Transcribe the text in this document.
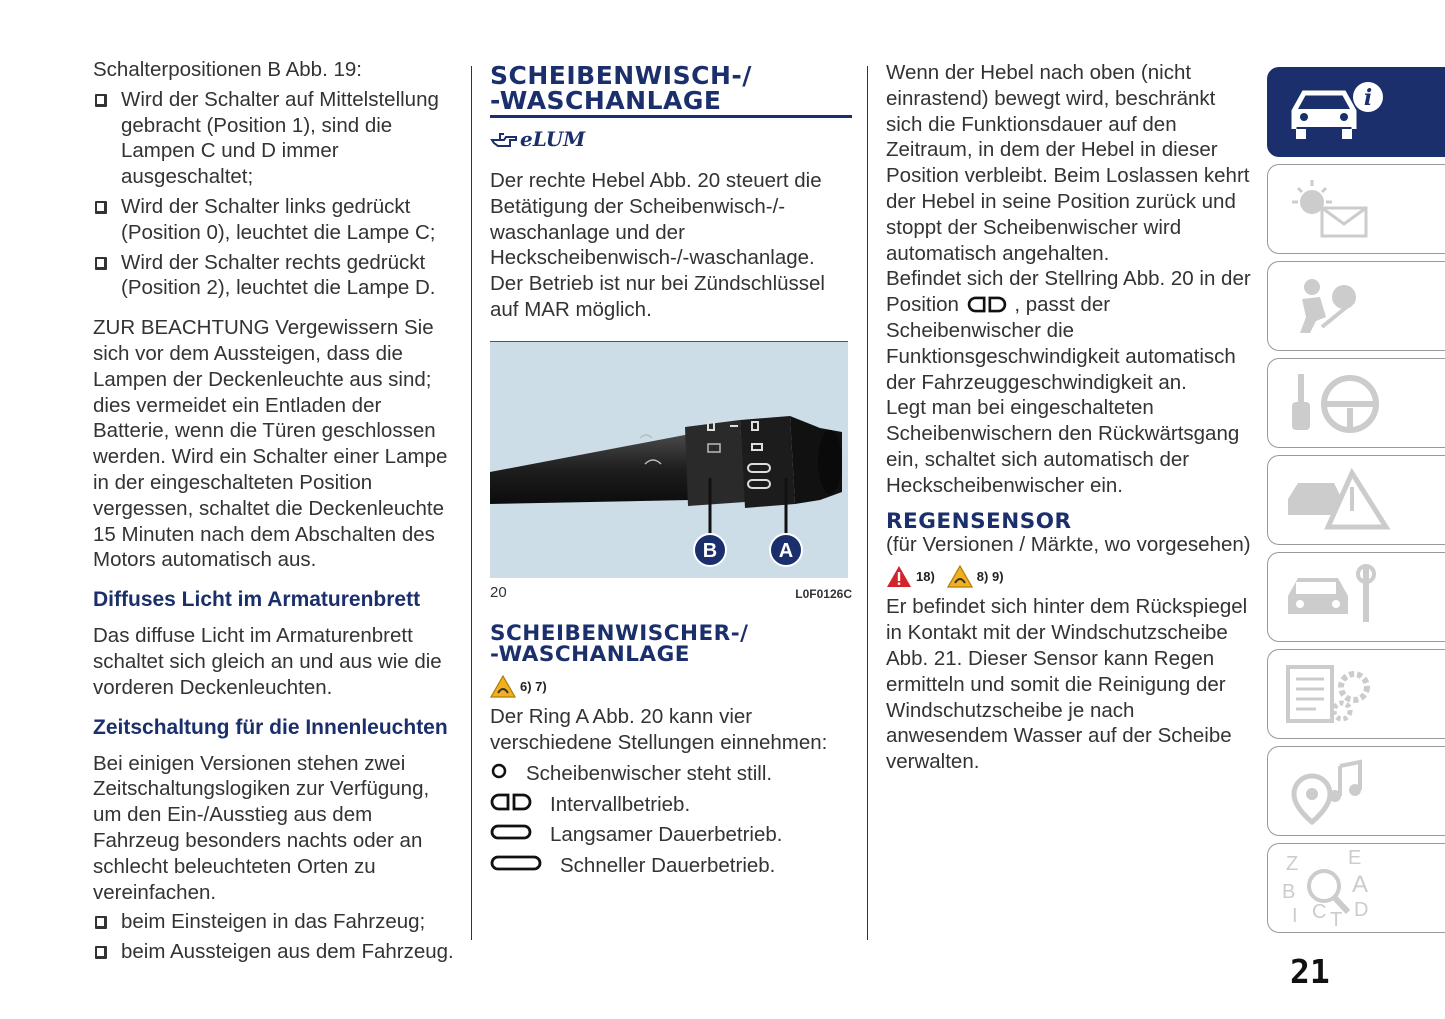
Schalterpositionen B Abb. 19:

Wird der Schalter auf Mittelstellung gebracht (Position 1), sind die Lampen C und D immer ausgeschaltet;
Wird der Schalter links gedrückt (Position 0), leuchtet die Lampe C;
Wird der Schalter rechts gedrückt (Position 2), leuchtet die Lampe D.

ZUR BEACHTUNG Vergewissern Sie sich vor dem Aussteigen, dass die Lampen der Deckenleuchte aus sind; dies vermeidet ein Entladen der Batterie, wenn die Türen geschlossen werden. Wird ein Schalter einer Lampe in der eingeschalteten Position vergessen, schaltet die Deckenleuchte 15 Minuten nach dem Abschalten des Motors automatisch aus.

Diffuses Licht im Armaturenbrett

Das diffuse Licht im Armaturenbrett schaltet sich gleich an und aus wie die vorderen Deckenleuchten.

Zeitschaltung für die Innenleuchten

Bei einigen Versionen stehen zwei Zeitschaltungslogiken zur Verfügung, um den Ein-/Ausstieg aus dem Fahrzeug besonders nachts oder an schlecht beleuchteten Orten zu vereinfachen.

beim Einsteigen in das Fahrzeug;
beim Aussteigen aus dem Fahrzeug.
SCHEIBENWISCH-/
-WASCHANLAGE
eLUM

Der rechte Hebel Abb. 20 steuert die Betätigung der Scheibenwisch-/-waschanlage und der Heckscheibenwisch-/-waschanlage. Der Betrieb ist nur bei Zündschlüssel auf MAR möglich.

B	A
20	L0F0126C
SCHEIBENWISCHER-/
-WASCHANLAGE
6) 7)

Der Ring A Abb. 20 kann vier verschiedene Stellungen einnehmen:

Scheibenwischer steht still.
Intervallbetrieb.
Langsamer Dauerbetrieb.
Schneller Dauerbetrieb.

Wenn der Hebel nach oben (nicht einrastend) bewegt wird, beschränkt sich die Funktionsdauer auf den Zeitraum, in dem der Hebel in dieser Position verbleibt. Beim Loslassen kehrt der Hebel in seine Position zurück und stoppt der Scheibenwischer wird automatisch angehalten.

Befindet sich der Stellring Abb. 20 in der Position	, passt der Scheibenwischer die Funktionsgeschwindigkeit automatisch der Fahrzeuggeschwindigkeit an.

Legt man bei eingeschalteten Scheibenwischern den Rückwärtsgang ein, schaltet sich automatisch der Heckscheibenwischer ein.

REGENSENSOR

(für Versionen / Märkte, wo vorgesehen)

18)	8) 9)

Er befindet sich hinter dem Rückspiegel in Kontakt mit der Windschutzscheibe Abb. 21. Dieser Sensor kann Regen ermitteln und somit die Reinigung der Windschutzscheibe je nach anwesendem Wasser auf der Scheibe verwalten.

i
Z E
B A
I C T D
21
